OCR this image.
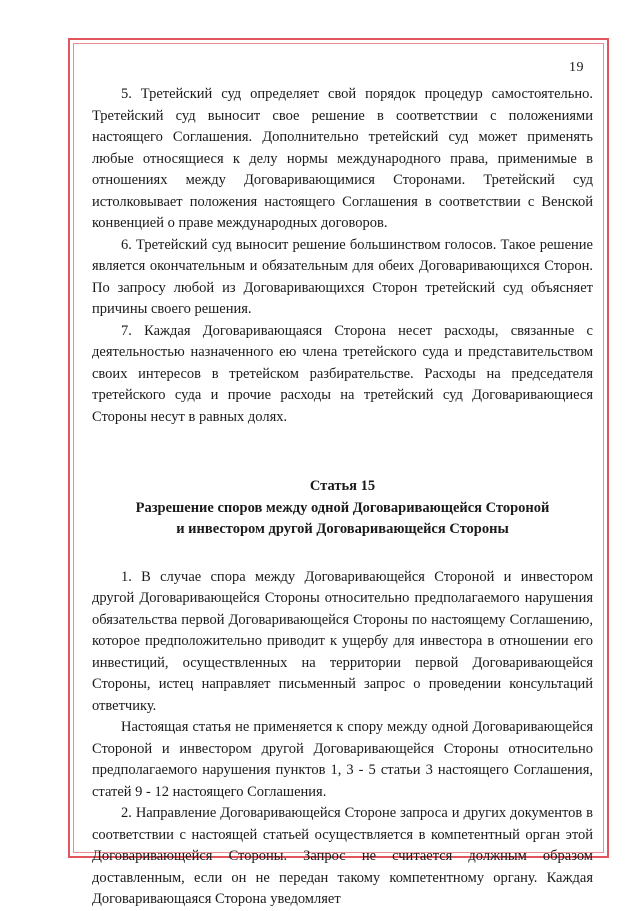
19

5. Третейский суд определяет свой порядок процедур самостоятельно. Третейский суд выносит свое решение в соответствии с положениями настоящего Соглашения. Дополнительно третейский суд может применять любые относящиеся к делу нормы международного права, применимые в отношениях между Договаривающимися Сторонами. Третейский суд истолковывает положения настоящего Соглашения в соответствии с Венской конвенцией о праве международных договоров.

6. Третейский суд выносит решение большинством голосов. Такое решение является окончательным и обязательным для обеих Договаривающихся Сторон. По запросу любой из Договаривающихся Сторон третейский суд объясняет причины своего решения.

7. Каждая Договаривающаяся Сторона несет расходы, связанные с деятельностью назначенного ею члена третейского суда и представительством своих интересов в третейском разбирательстве. Расходы на председателя третейского суда и прочие расходы на третейский суд Договаривающиеся Стороны несут в равных долях.

Статья 15
Разрешение споров между одной Договаривающейся Стороной
и инвестором другой Договаривающейся Стороны

1. В случае спора между Договаривающейся Стороной и инвестором другой Договаривающейся Стороны относительно предполагаемого нарушения обязательства первой Договаривающейся Стороны по настоящему Соглашению, которое предположительно приводит к ущербу для инвестора в отношении его инвестиций, осуществленных на территории первой Договаривающейся Стороны, истец направляет письменный запрос о проведении консультаций ответчику.

Настоящая статья не применяется к спору между одной Договаривающейся Стороной и инвестором другой Договаривающейся Стороны относительно предполагаемого нарушения пунктов 1, 3 - 5 статьи 3 настоящего Соглашения, статей 9 - 12 настоящего Соглашения.

2. Направление Договаривающейся Стороне запроса и других документов в соответствии с настоящей статьей осуществляется в компетентный орган этой Договаривающейся Стороны. Запрос не считается должным образом доставленным, если он не передан такому компетентному органу. Каждая Договаривающаяся Сторона уведомляет
